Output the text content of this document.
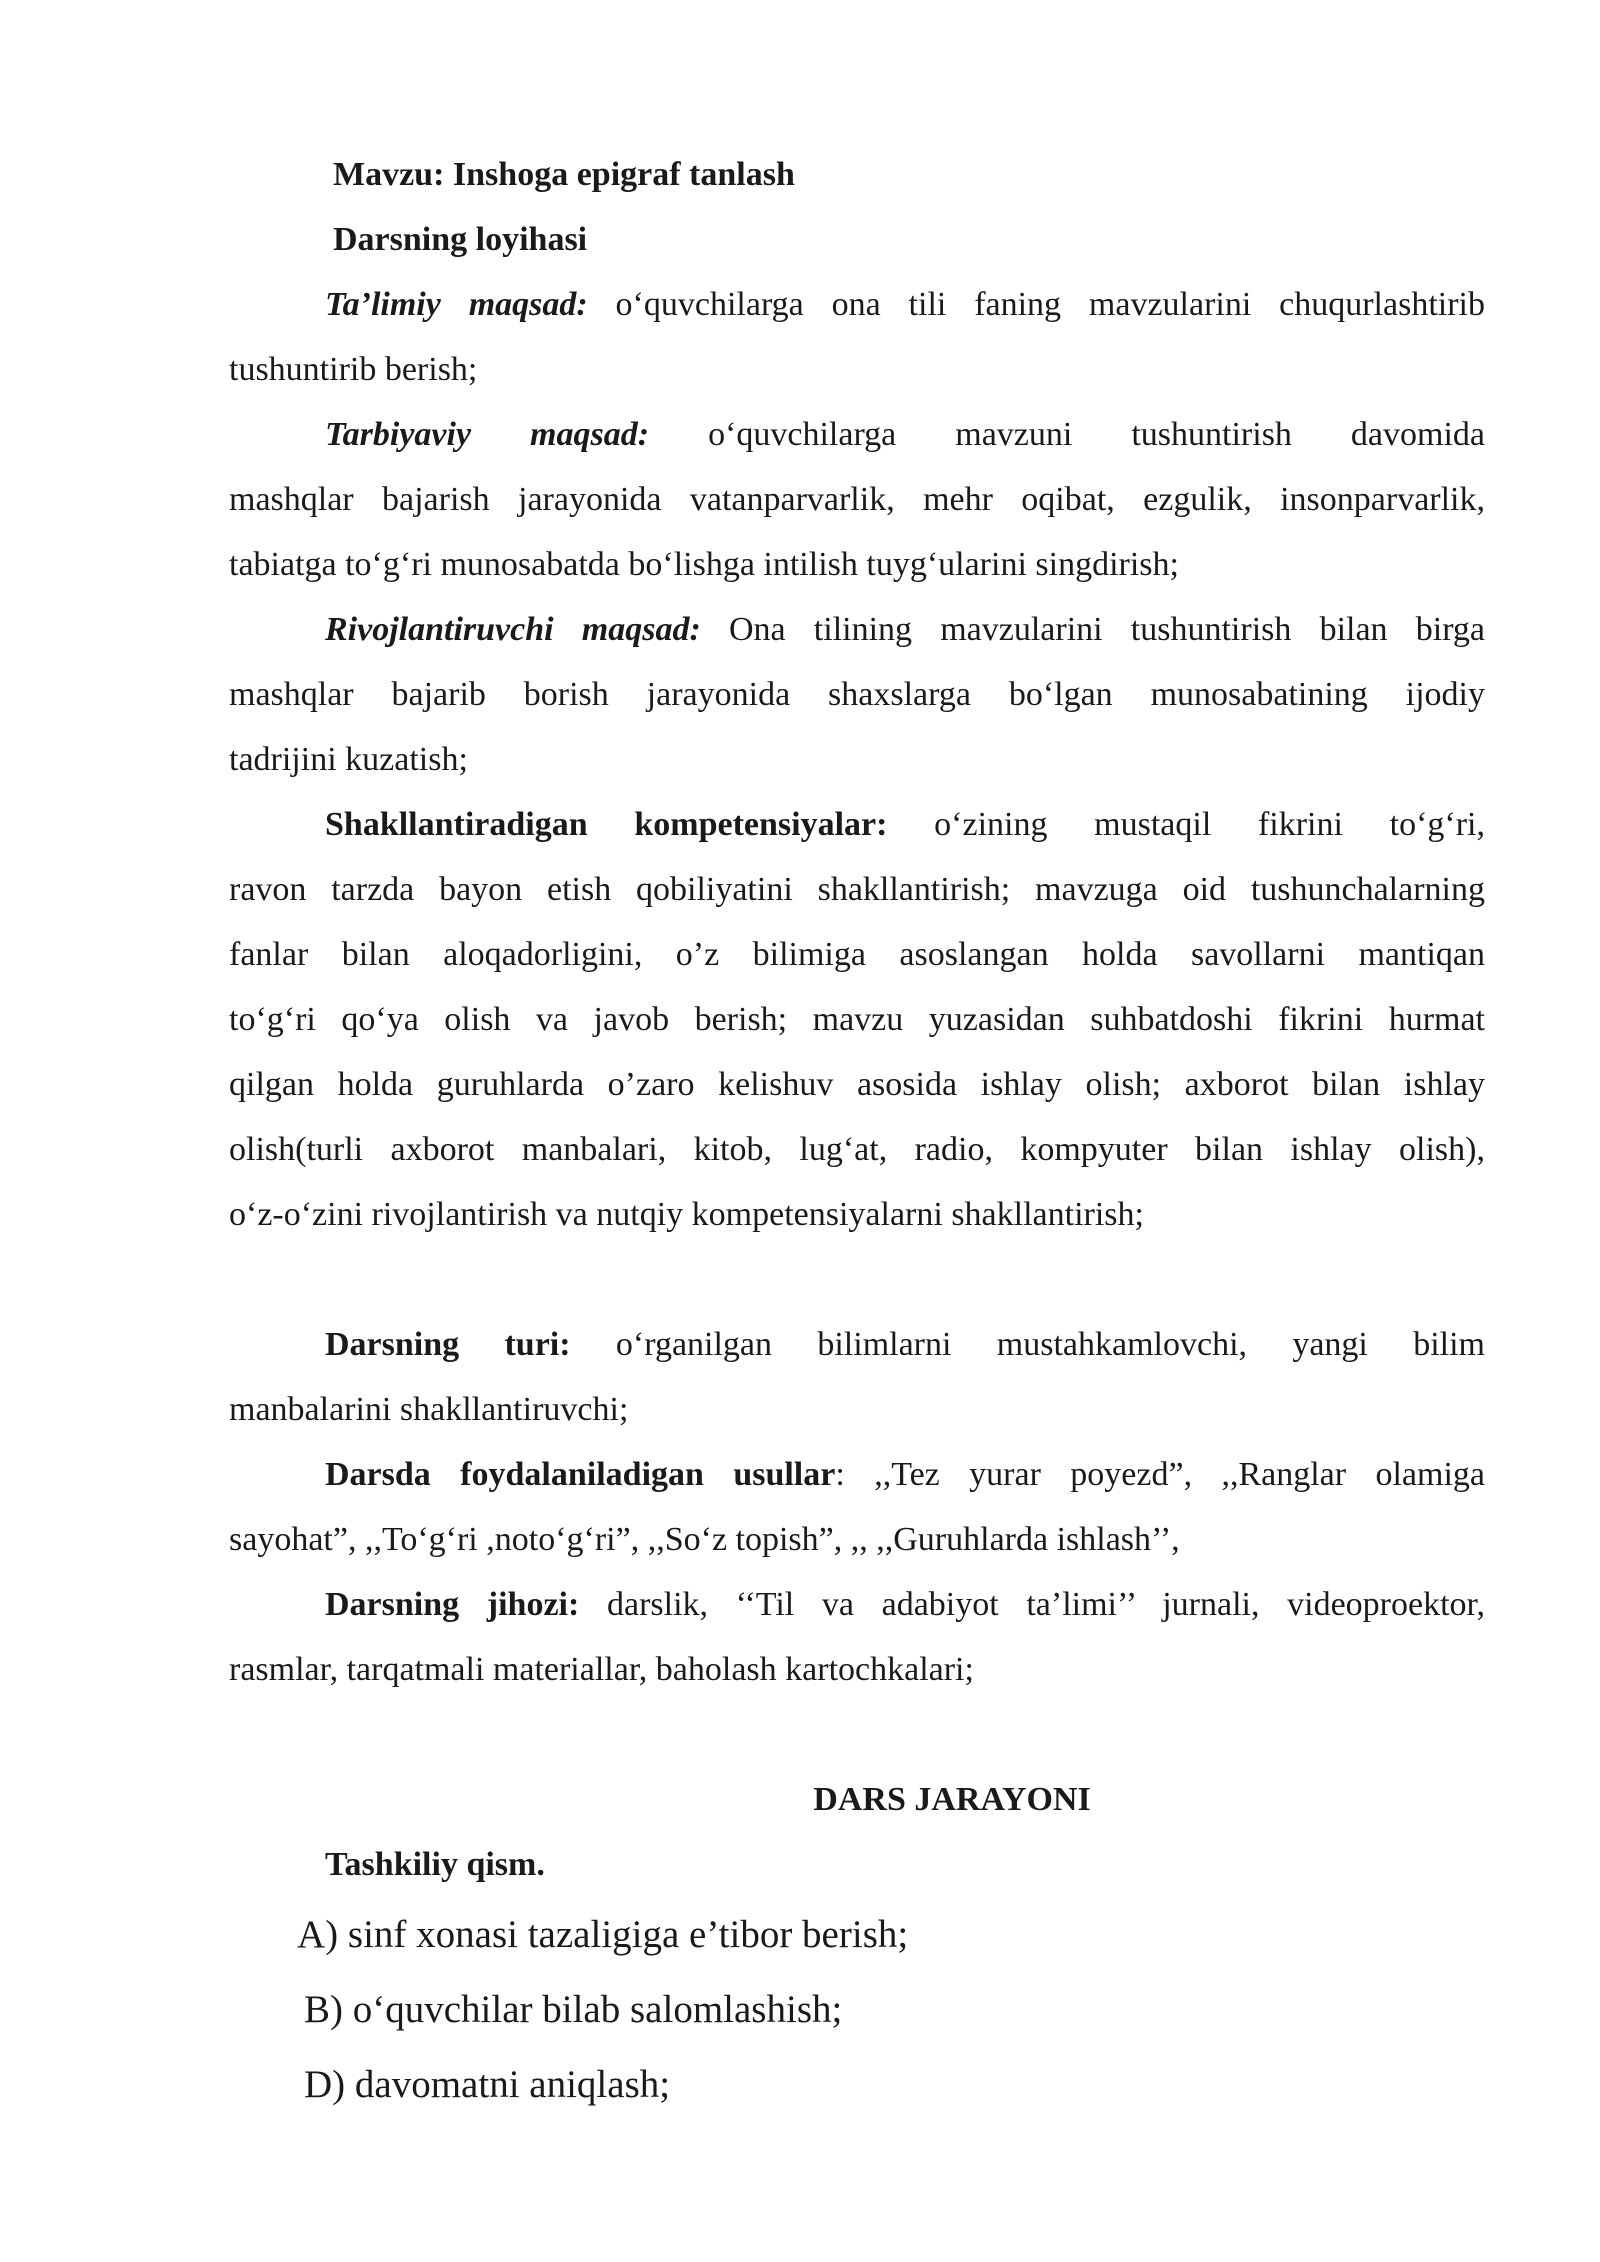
Mavzu: Inshoga epigraf tanlash

Darsning loyihasi

Ta’limiy maqsad: o‘quvchilarga ona tili faning mavzularini chuqurlashtirib

tushuntirib berish;

Tarbiyaviy maqsad: o‘quvchilarga mavzuni tushuntirish davomida

mashqlar bajarish jarayonida vatanparvarlik, mehr oqibat, ezgulik, insonparvarlik,

tabiatga to‘g‘ri munosabatda bo‘lishga intilish tuyg‘ularini singdirish;

Rivojlantiruvchi maqsad: Ona tilining mavzularini tushuntirish bilan birga

mashqlar bajarib borish jarayonida shaxslarga bo‘lgan munosabatining ijodiy

tadrijini kuzatish;

Shakllantiradigan kompetensiyalar: o‘zining mustaqil fikrini to‘g‘ri,

ravon tarzda bayon etish qobiliyatini shakllantirish; mavzuga oid tushunchalarning

fanlar bilan aloqadorligini, o’z bilimiga asoslangan holda savollarni mantiqan

to‘g‘ri qo‘ya olish va javob berish; mavzu yuzasidan suhbatdoshi fikrini hurmat

qilgan holda guruhlarda o’zaro kelishuv asosida ishlay olish; axborot bilan ishlay

olish(turli axborot manbalari, kitob, lug‘at, radio, kompyuter bilan ishlay olish),

o‘z-o‘zini rivojlantirish va nutqiy kompetensiyalarni shakllantirish;

Darsning turi: o‘rganilgan bilimlarni mustahkamlovchi, yangi bilim

manbalarini shakllantiruvchi;

Darsda foydalaniladigan usullar: ,,Tez yurar poyezd”, ,,Ranglar olamiga

sayohat”, ,,To‘g‘ri ,noto‘g‘ri”, ,,So‘z topish”, ,, ,,Guruhlarda ishlash’’,

Darsning jihozi: darslik, ‘‘Til va adabiyot ta’limi’’ jurnali, videoproektor,

rasmlar, tarqatmali materiallar, baholash kartochkalari;

DARS JARAYONI

Tashkiliy qism.

A) sinf xonasi tazaligiga e’tibor berish;

B) o‘quvchilar bilab salomlashish;

D) davomatni aniqlash;
